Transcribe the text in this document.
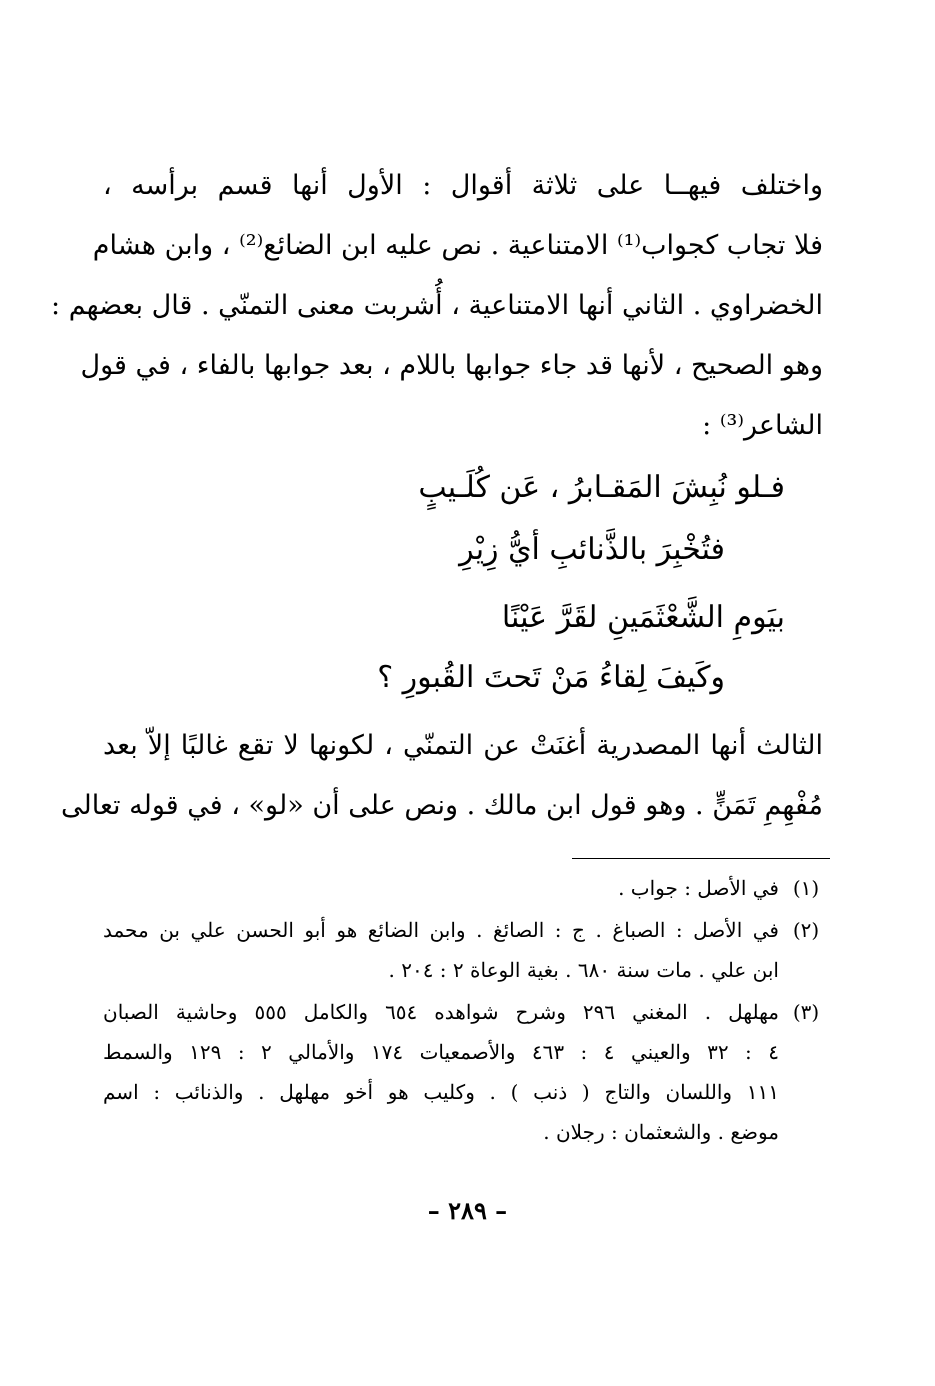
واختلف فيهــا على ثلاثة أقوال : الأول أنها قسم برأسه ،
فلا تجاب كجواب⁽¹⁾ الامتناعية . نص عليه ابن الضائع⁽²⁾ ، وابن هشام
الخضراوي . الثاني أنها الامتناعية ، أُشربت معنى التمنّي . قال بعضهم :
وهو الصحيح ، لأنها قد جاء جوابها باللام ، بعد جوابها بالفاء ، في قول
الشاعر⁽³⁾ :
فـلو نُبِشَ المَقـابرُ ، عَن كُلَـيبٍ
فتُخْبِرَ بالذَّنائبِ أيُّ زِيْرِ
بيَومِ الشَّعْثَمَينِ لقَرَّ عَيْنًا
وكَيفَ لِقاءُ مَنْ تَحتَ القُبورِ ؟
الثالث أنها المصدرية أغنَتْ عن التمنّي ، لكونها لا تقع غالبًا إلاّ بعد
مُفْهِمِ تَمَنٍّ . وهو قول ابن مالك . ونص على أن «لو» ، في قوله تعالى
(١)
في الأصل : جواب .
(٢)
في الأصل : الصباغ . ج : الصائغ . وابن الضائع هو أبو الحسن علي بن محمد
ابن علي . مات سنة ٦٨٠ . بغية الوعاة ٢ : ٢٠٤ .
(٣)
مهلهل . المغني ٢٩٦ وشرح شواهده ٦٥٤ والكامل ٥٥٥ وحاشية الصبان
٤ : ٣٢ والعيني ٤ : ٤٦٣ والأصمعيات ١٧٤ والأمالي ٢ : ١٢٩ والسمط
١١١ واللسان والتاج ( ذنب ) . وكليب هو أخو مهلهل . والذنائب : اسم
موضع . والشعثمان : رجلان .
– ٢٨٩ –
